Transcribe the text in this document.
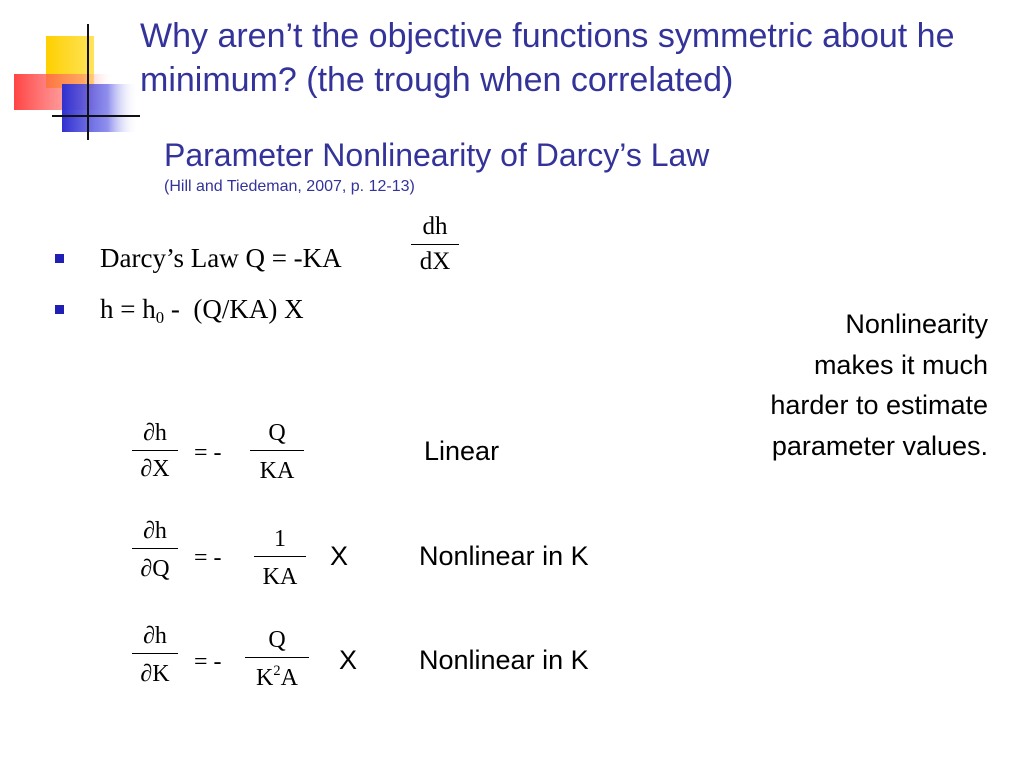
Why aren’t the objective functions symmetric about he minimum? (the trough when correlated)
Parameter Nonlinearity of Darcy’s Law
(Hill and Tiedeman, 2007, p. 12-13)
Darcy’s Law Q = -KA
dh
dX
$h = h_0 - (Q/KA)$ X
∂h
∂X
= -
Q
KA
Linear
∂h
∂Q	= -
1
KA
X	Nonlinear in K
∂h
∂K	= -
Q
$K^2A$
X Nonlinear in K
Nonlinearity makes it much harder to estimate parameter values.
